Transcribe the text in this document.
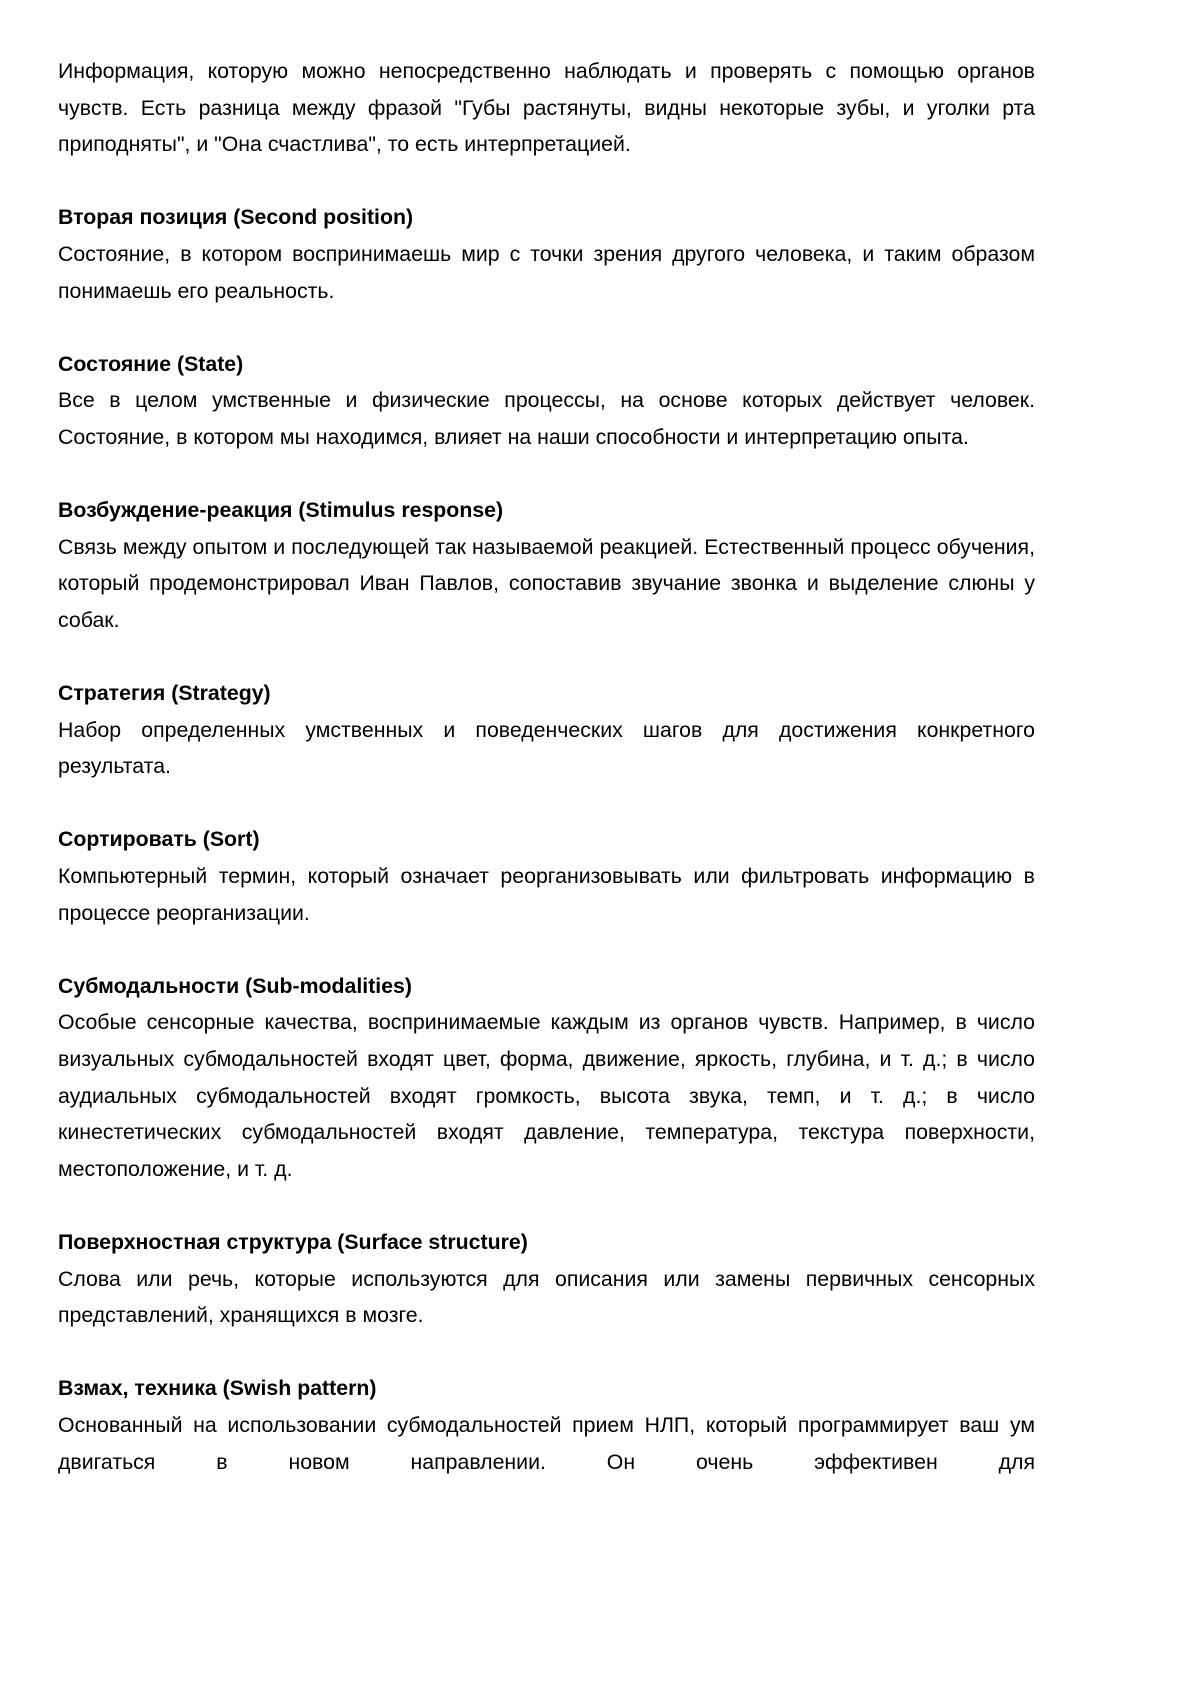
Информация, которую можно непосредственно наблюдать и проверять с помощью органов чувств. Есть разница между фразой "Губы растянуты, видны некоторые зубы, и уголки рта приподняты", и "Она счастлива", то есть интерпретацией.

Вторая позиция (Second position)

Состояние, в котором воспринимаешь мир с точки зрения другого человека, и таким образом понимаешь его реальность.

Состояние (State)

Все в целом умственные и физические процессы, на основе которых действует человек. Состояние, в котором мы находимся, влияет на наши способности и интерпретацию опыта.

Возбуждение-реакция (Stimulus response)

Связь между опытом и последующей так называемой реакцией. Естественный процесс обучения, который продемонстрировал Иван Павлов, сопоставив звучание звонка и выделение слюны у собак.

Стратегия (Strategy)

Набор определенных умственных и поведенческих шагов для достижения конкретного результата.

Сортировать (Sort)

Компьютерный термин, который означает реорганизовывать или фильтровать информацию в процессе реорганизации.

Субмодальности (Sub-modalities)

Особые сенсорные качества, воспринимаемые каждым из органов чувств. Например, в число визуальных субмодальностей входят цвет, форма, движение, яркость, глубина, и т. д.; в число аудиальных субмодальностей входят громкость, высота звука, темп, и т. д.; в число кинестетических субмодальностей входят давление, температура, текстура поверхности, местоположение, и т. д.

Поверхностная структура (Surface structure)

Слова или речь, которые используются для описания или замены первичных сенсорных представлений, хранящихся в мозге.

Взмах, техника (Swish pattern)

Основанный на использовании субмодальностей прием НЛП, который программирует ваш ум двигаться в новом направлении. Он очень эффективен для
